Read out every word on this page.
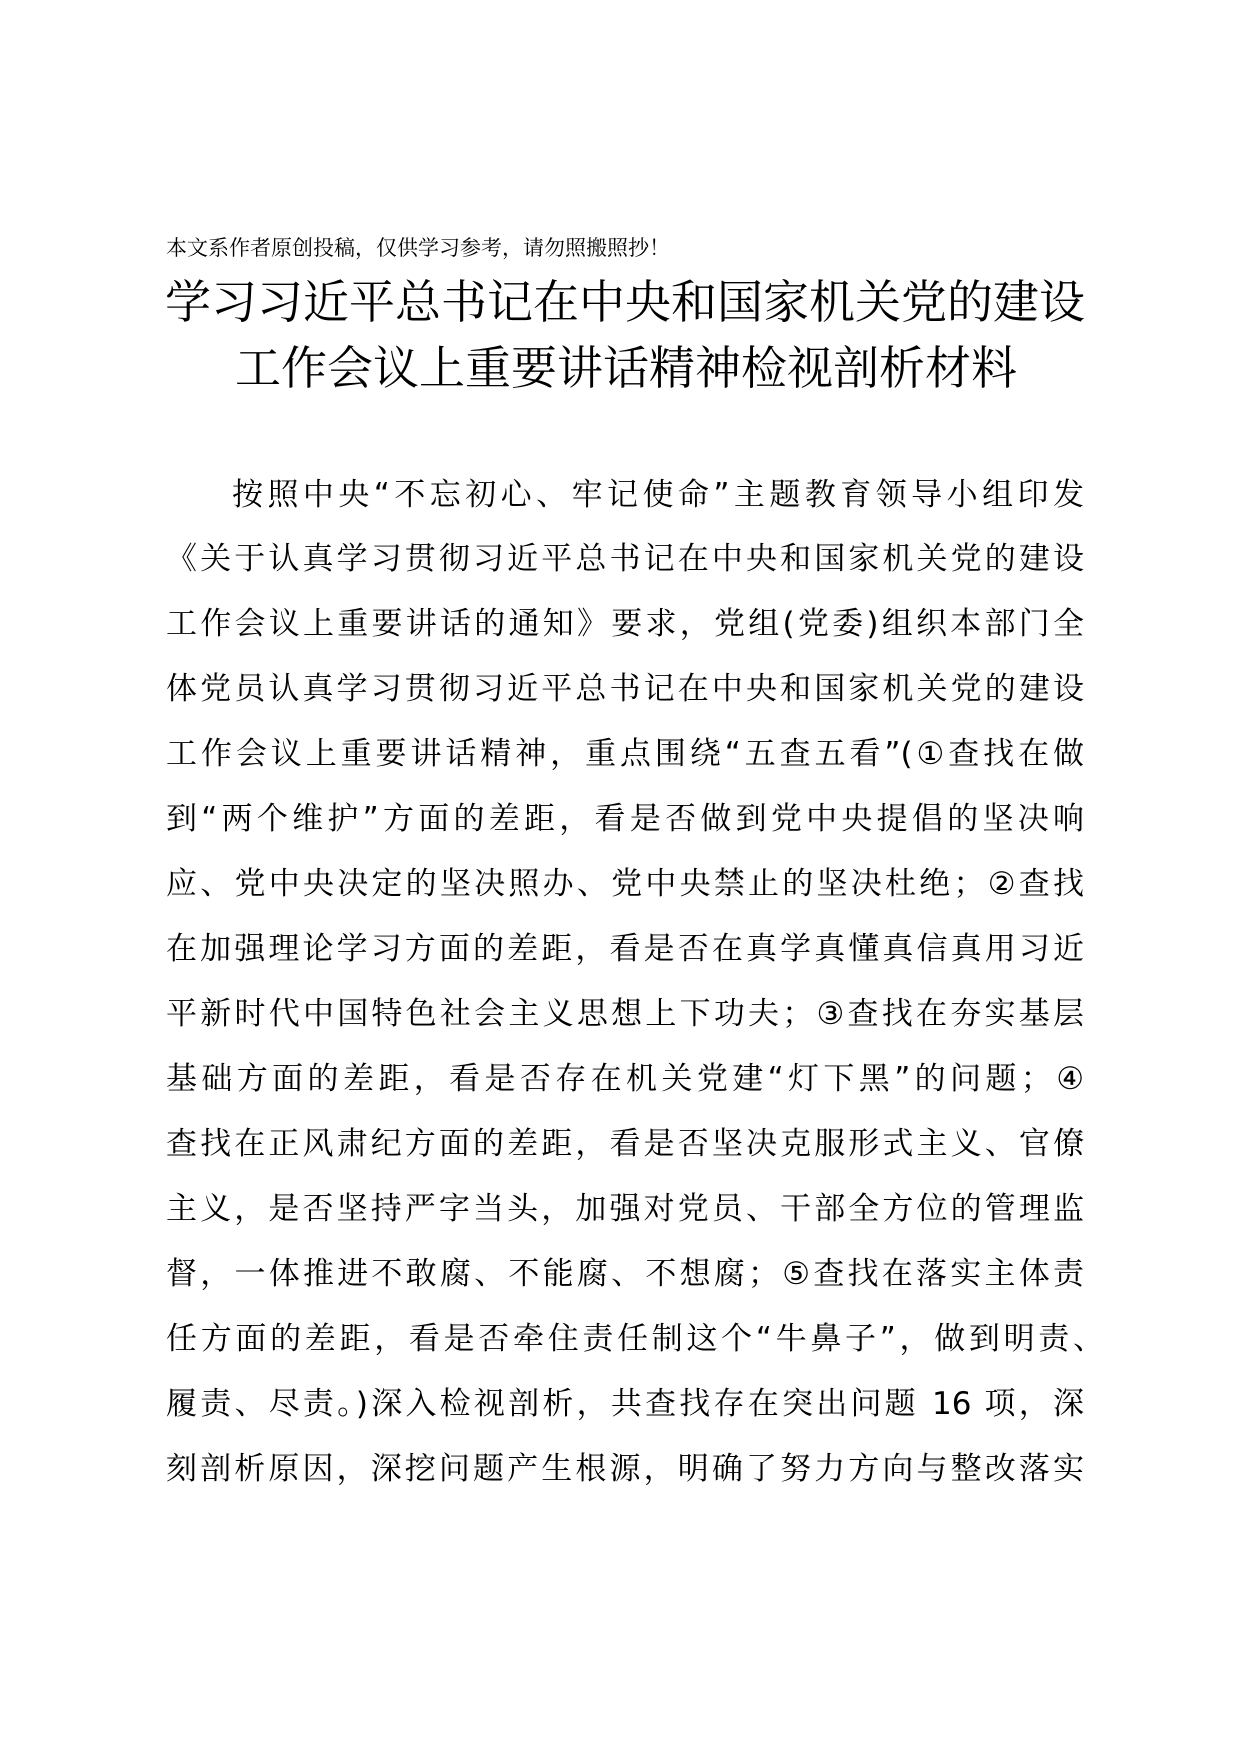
本文系作者原创投稿，仅供学习参考，请勿照搬照抄！
学习习近平总书记在中央和国家机关党的建设
工作会议上重要讲话精神检视剖析材料
按照中央“不忘初心、牢记使命”主题教育领导小组印发
《关于认真学习贯彻习近平总书记在中央和国家机关党的建设
工作会议上重要讲话的通知》要求，党组(党委)组织本部门全
体党员认真学习贯彻习近平总书记在中央和国家机关党的建设
工作会议上重要讲话精神，重点围绕“五查五看”(①查找在做
到“两个维护”方面的差距，看是否做到党中央提倡的坚决响
应、党中央决定的坚决照办、党中央禁止的坚决杜绝；②查找
在加强理论学习方面的差距，看是否在真学真懂真信真用习近
平新时代中国特色社会主义思想上下功夫；③查找在夯实基层
基础方面的差距，看是否存在机关党建“灯下黑”的问题；④
查找在正风肃纪方面的差距，看是否坚决克服形式主义、官僚
主义，是否坚持严字当头，加强对党员、干部全方位的管理监
督，一体推进不敢腐、不能腐、不想腐；⑤查找在落实主体责
任方面的差距，看是否牵住责任制这个“牛鼻子”，做到明责、
履责、尽责。)深入检视剖析，共查找存在突出问题 16 项，深
刻剖析原因，深挖问题产生根源，明确了努力方向与整改落实
